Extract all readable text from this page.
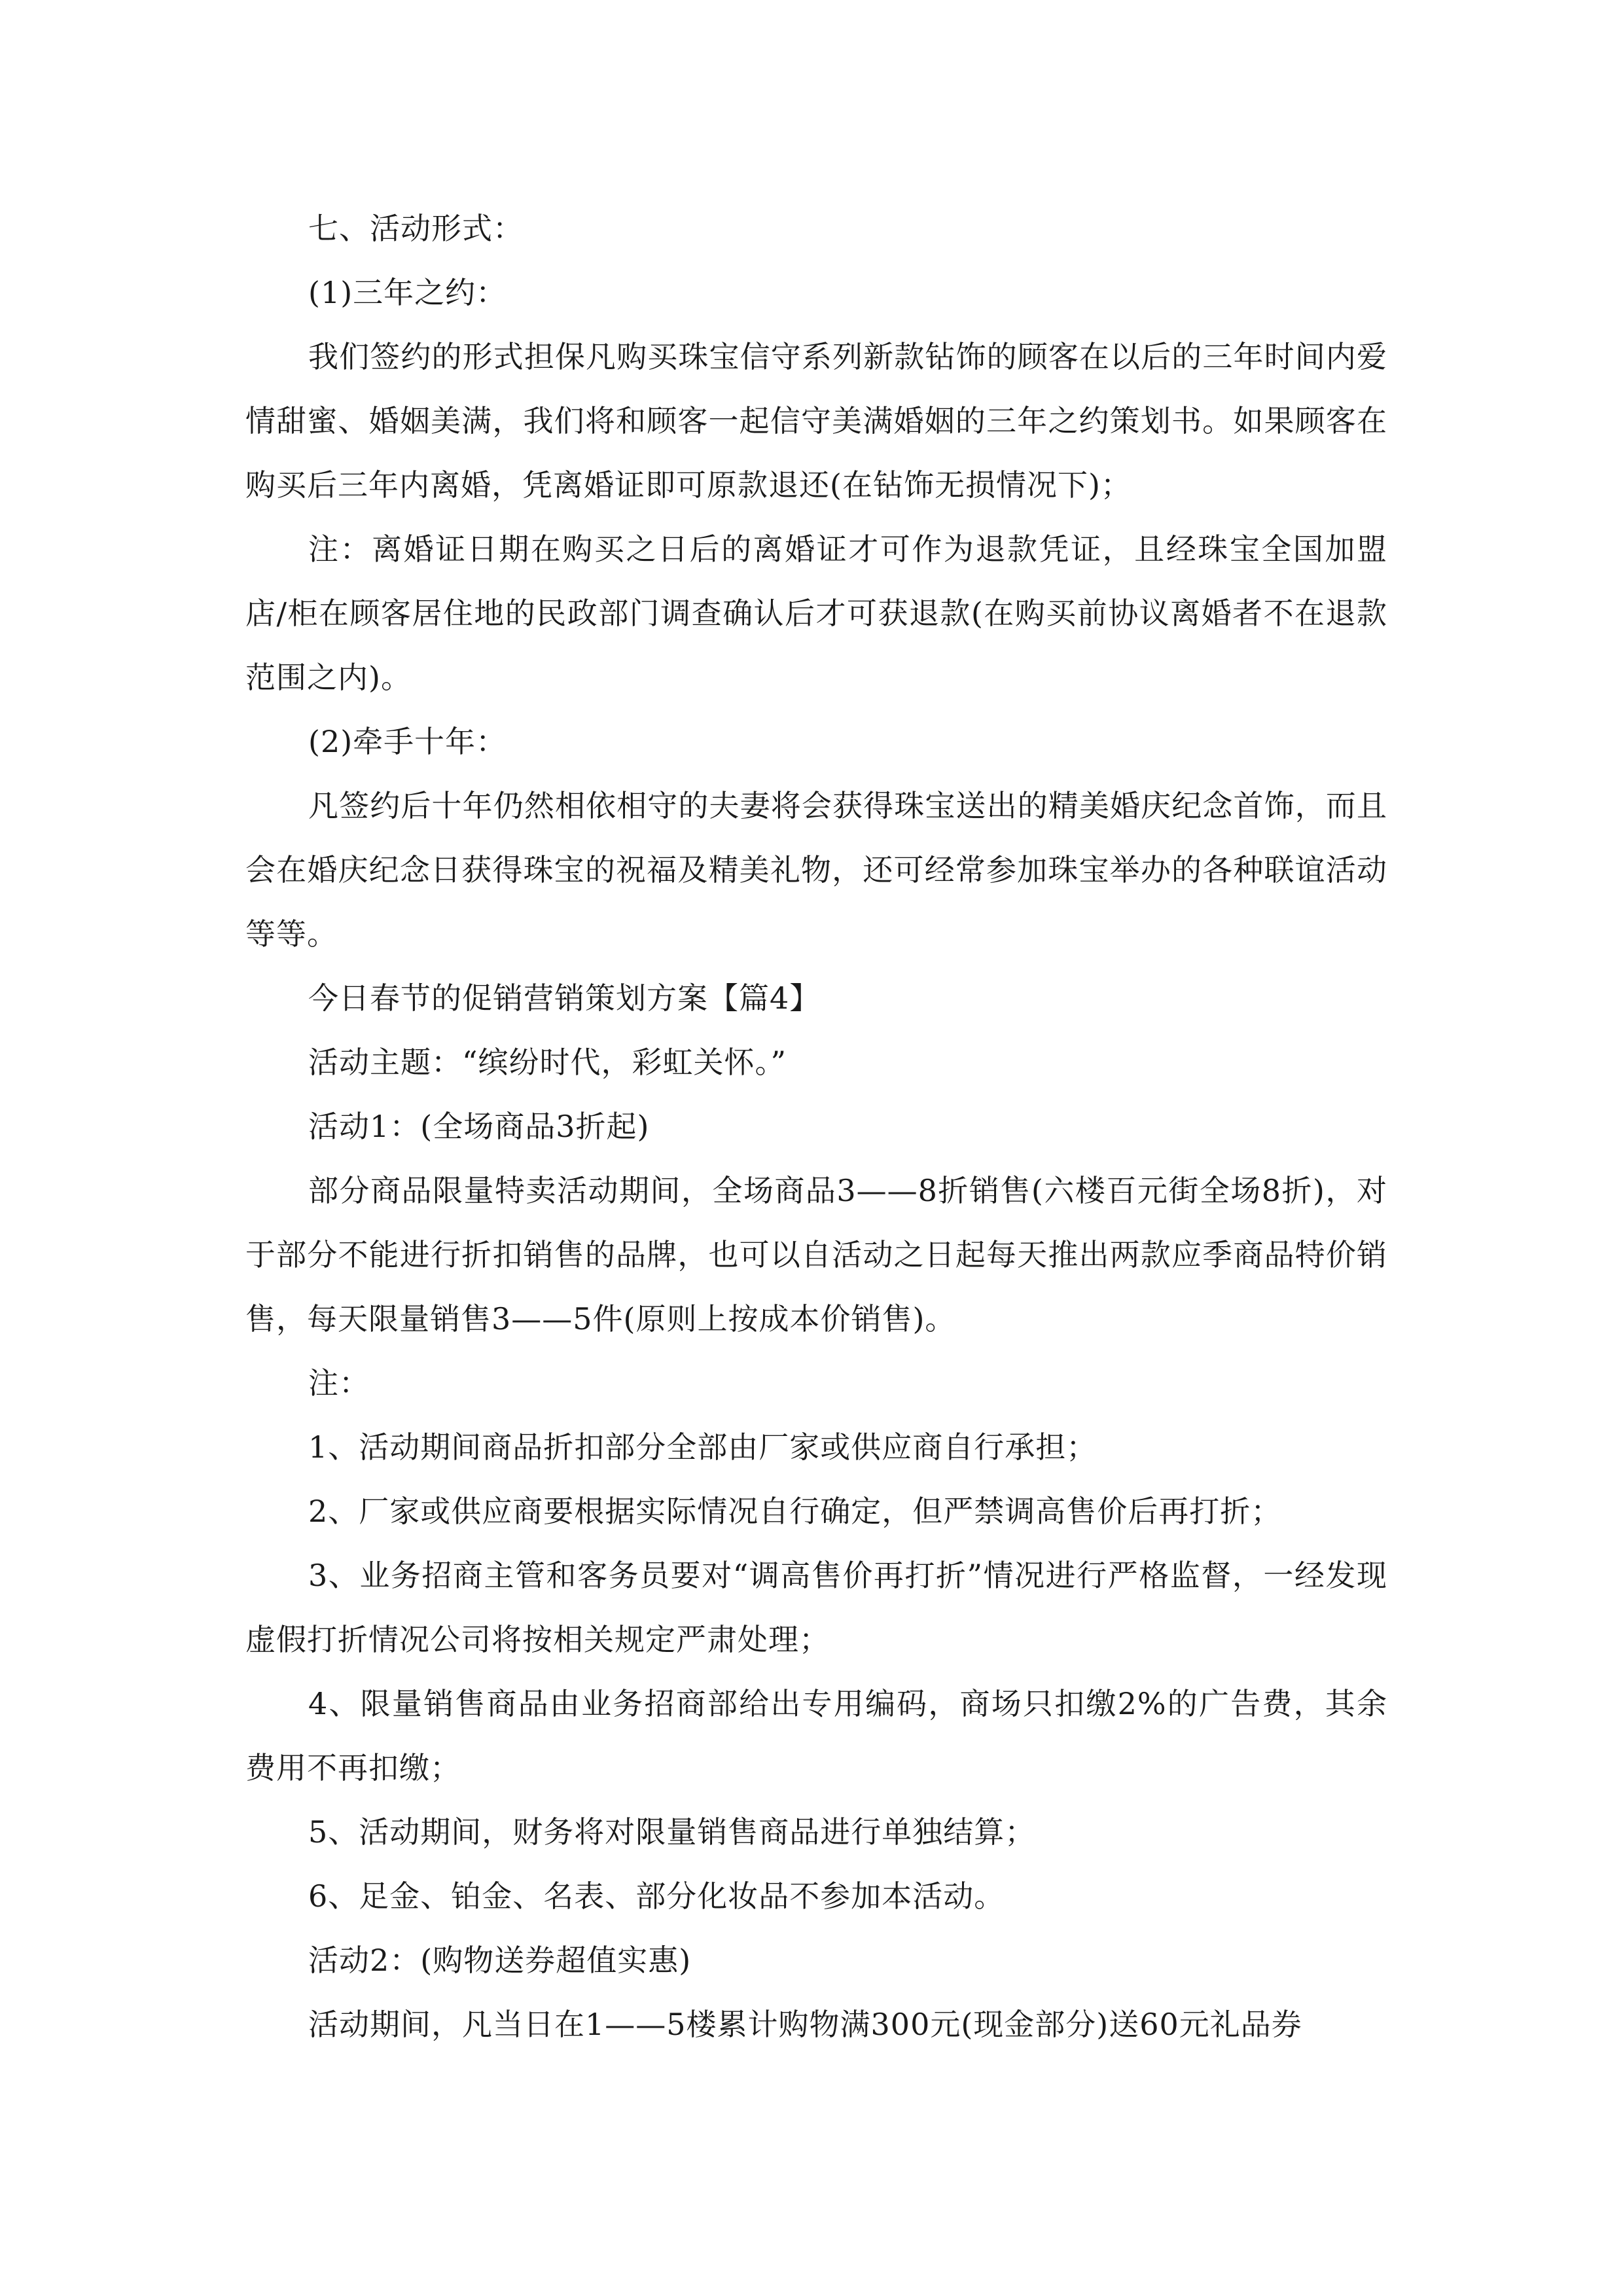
七、活动形式：

(1)三年之约：

我们签约的形式担保凡购买珠宝信守系列新款钻饰的顾客在以后的三年时间内爱情甜蜜、婚姻美满，我们将和顾客一起信守美满婚姻的三年之约策划书。如果顾客在购买后三年内离婚，凭离婚证即可原款退还(在钻饰无损情况下)；

注：离婚证日期在购买之日后的离婚证才可作为退款凭证，且经珠宝全国加盟店/柜在顾客居住地的民政部门调查确认后才可获退款(在购买前协议离婚者不在退款范围之内)。

(2)牵手十年：

凡签约后十年仍然相依相守的夫妻将会获得珠宝送出的精美婚庆纪念首饰，而且会在婚庆纪念日获得珠宝的祝福及精美礼物，还可经常参加珠宝举办的各种联谊活动等等。

今日春节的促销营销策划方案【篇4】

活动主题：“缤纷时代，彩虹关怀。”

活动1：(全场商品3折起)

部分商品限量特卖活动期间，全场商品3——8折销售(六楼百元街全场8折)，对于部分不能进行折扣销售的品牌，也可以自活动之日起每天推出两款应季商品特价销售，每天限量销售3——5件(原则上按成本价销售)。

注：

1、活动期间商品折扣部分全部由厂家或供应商自行承担；

2、厂家或供应商要根据实际情况自行确定，但严禁调高售价后再打折；

3、业务招商主管和客务员要对“调高售价再打折”情况进行严格监督，一经发现虚假打折情况公司将按相关规定严肃处理；

4、限量销售商品由业务招商部给出专用编码，商场只扣缴2%的广告费，其余费用不再扣缴；

5、活动期间，财务将对限量销售商品进行单独结算；

6、足金、铂金、名表、部分化妆品不参加本活动。

活动2：(购物送券超值实惠)

活动期间，凡当日在1——5楼累计购物满300元(现金部分)送60元礼品券
